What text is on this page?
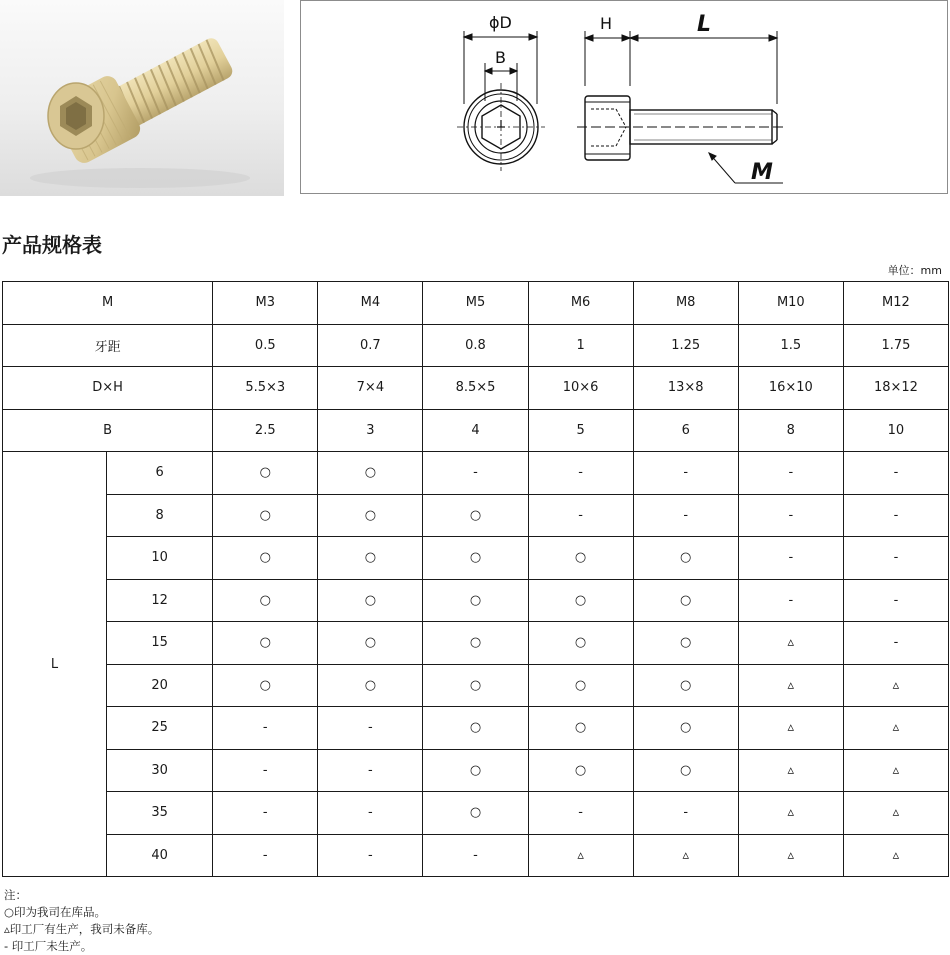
ϕD
B
H	L
M
产品规格表
单位：mm
M		M3	M4	M5	M6	M8	M10	M12
牙距		0.5	0.7	0.8	1	1.25	1.5	1.75
D×H		5.5×3	7×4	8.5×5	10×6	13×8	16×10	18×12
B		2.5	3	4	5	6	8	10
L	6	○	○	-	-	-	-	-
	8	○	○	○	-	-	-	-
	10	○	○	○	○	○	-	-
	12	○	○	○	○	○	-	-
	15	○	○	○	○	○	▵	-
	20	○	○	○	○	○	▵	▵
	25	-	-	○	○	○	▵	▵
	30	-	-	○	○	○	▵	▵
	35	-	-	○	-	-	▵	▵
	40	-	-	-	▵	▵	▵	▵
注：
○印为我司在库品。
▵印工厂有生产，我司未备库。
- 印工厂未生产。
